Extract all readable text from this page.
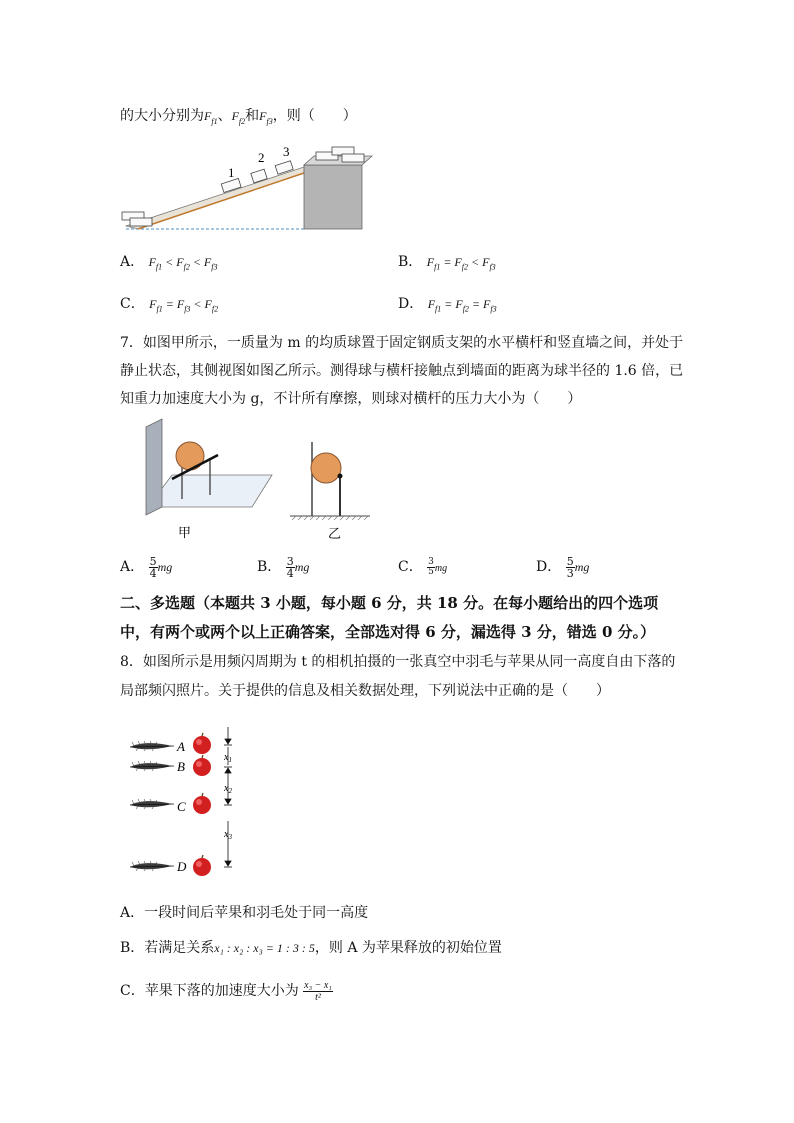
的大小分别为$F_{f1}$、$F_{f2}$和$F_{f3}$，则（　　）
1
2 3
A． $F_{f1} < F_{f2} < F_{f3}$	B． $F_{f1} = F_{f2} < F_{f3}$
C． $F_{f1} = F_{f3} < F_{f2}$	D． $F_{f1} = F_{f2} = F_{f3}$
7．如图甲所示，一质量为 m 的均质球置于固定钢质支架的水平横杆和竖直墙之间，并处于
静止状态，其侧视图如图乙所示。测得球与横杆接触点到墙面的距离为球半径的 1.6 倍，已
知重力加速度大小为 g，不计所有摩擦，则球对横杆的压力大小为（　　）
甲	乙
A． $\frac{5}{4}$ mg	B． $\frac{3}{4}$ mg	C． $\frac{3}{5}$ mg	D． $\frac{5}{3}$ mg
二、多选题（本题共 3 小题，每小题 6 分，共 18 分。在每小题给出的四个选项
中，有两个或两个以上正确答案，全部选对得 6 分，漏选得 3 分，错选 0 分。）
8．如图所示是用频闪周期为 t 的相机拍摄的一张真空中羽毛与苹果从同一高度自由下落的
局部频闪照片。关于提供的信息及相关数据处理，下列说法中正确的是（　　）
A
B
C
D
$x_1$
$x_2$
$x_3$
A．一段时间后苹果和羽毛处于同一高度
B．若满足关系x₁ : x₂ : x₃ = 1 : 3 : 5，则 A 为苹果释放的初始位置
C．苹果下落的加速度大小为 $\frac{\text{x₃ − x₁}}{\text{t²}}$
